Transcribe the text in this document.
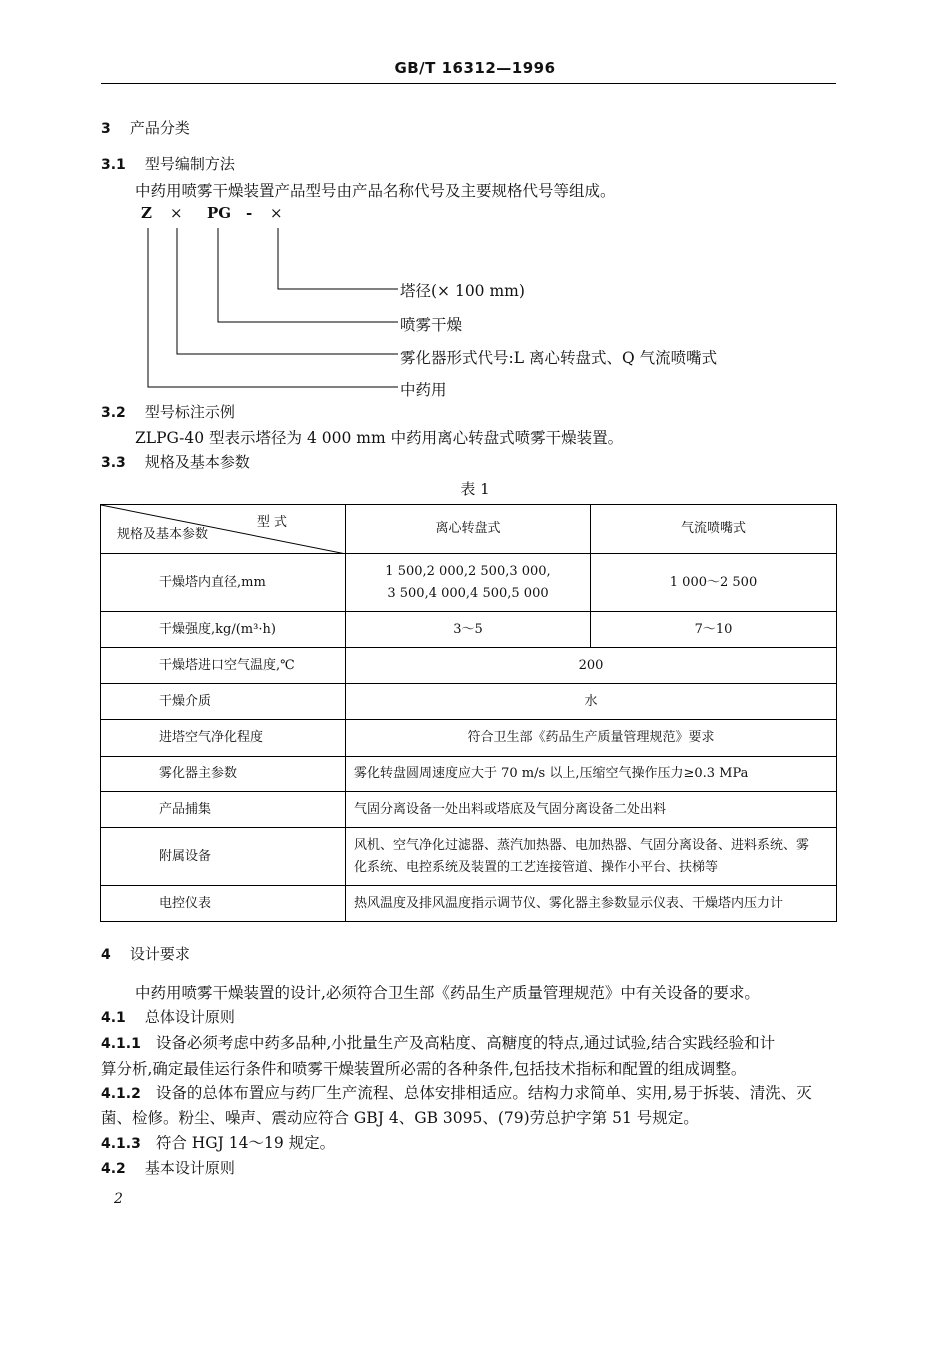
GB/T 16312—1996
3 产品分类
3.1 型号编制方法
中药用喷雾干燥装置产品型号由产品名称代号及主要规格代号等组成。
Z × PG - ×
塔径(× 100 mm)
喷雾干燥
雾化器形式代号:L 离心转盘式、Q 气流喷嘴式
中药用
3.2 型号标注示例
ZLPG-40 型表示塔径为 4 000 mm 中药用离心转盘式喷雾干燥装置。
3.3 规格及基本参数
表 1
型 式
规格及基本参数	离心转盘式	气流喷嘴式
干燥塔内直径,mm	1 500,2 000,2 500,3 000,
3 500,4 000,4 500,5 000	1 000～2 500
干燥强度,kg/(m³·h)	3～5	7～10
干燥塔进口空气温度,℃	200	
干燥介质	水	
进塔空气净化程度	符合卫生部《药品生产质量管理规范》要求	
雾化器主参数	雾化转盘圆周速度应大于 70 m/s 以上,压缩空气操作压力≥0.3 MPa	
产品捕集	气固分离设备一处出料或塔底及气固分离设备二处出料	
附属设备	风机、空气净化过滤器、蒸汽加热器、电加热器、气固分离设备、进料系统、雾
化系统、电控系统及装置的工艺连接管道、操作小平台、扶梯等	

电控仪表	热风温度及排风温度指示调节仪、雾化器主参数显示仪表、干燥塔内压力计	
4 设计要求
中药用喷雾干燥装置的设计,必须符合卫生部《药品生产质量管理规范》中有关设备的要求。
4.1 总体设计原则
4.1.1 设备必须考虑中药多品种,小批量生产及高粘度、高糖度的特点,通过试验,结合实践经验和计
算分析,确定最佳运行条件和喷雾干燥装置所必需的各种条件,包括技术指标和配置的组成调整。
4.1.2 设备的总体布置应与药厂生产流程、总体安排相适应。结构力求简单、实用,易于拆装、清洗、灭
菌、检修。粉尘、噪声、震动应符合 GBJ 4、GB 3095、(79)劳总护字第 51 号规定。
4.1.3 符合 HGJ 14～19 规定。
4.2 基本设计原则
2
